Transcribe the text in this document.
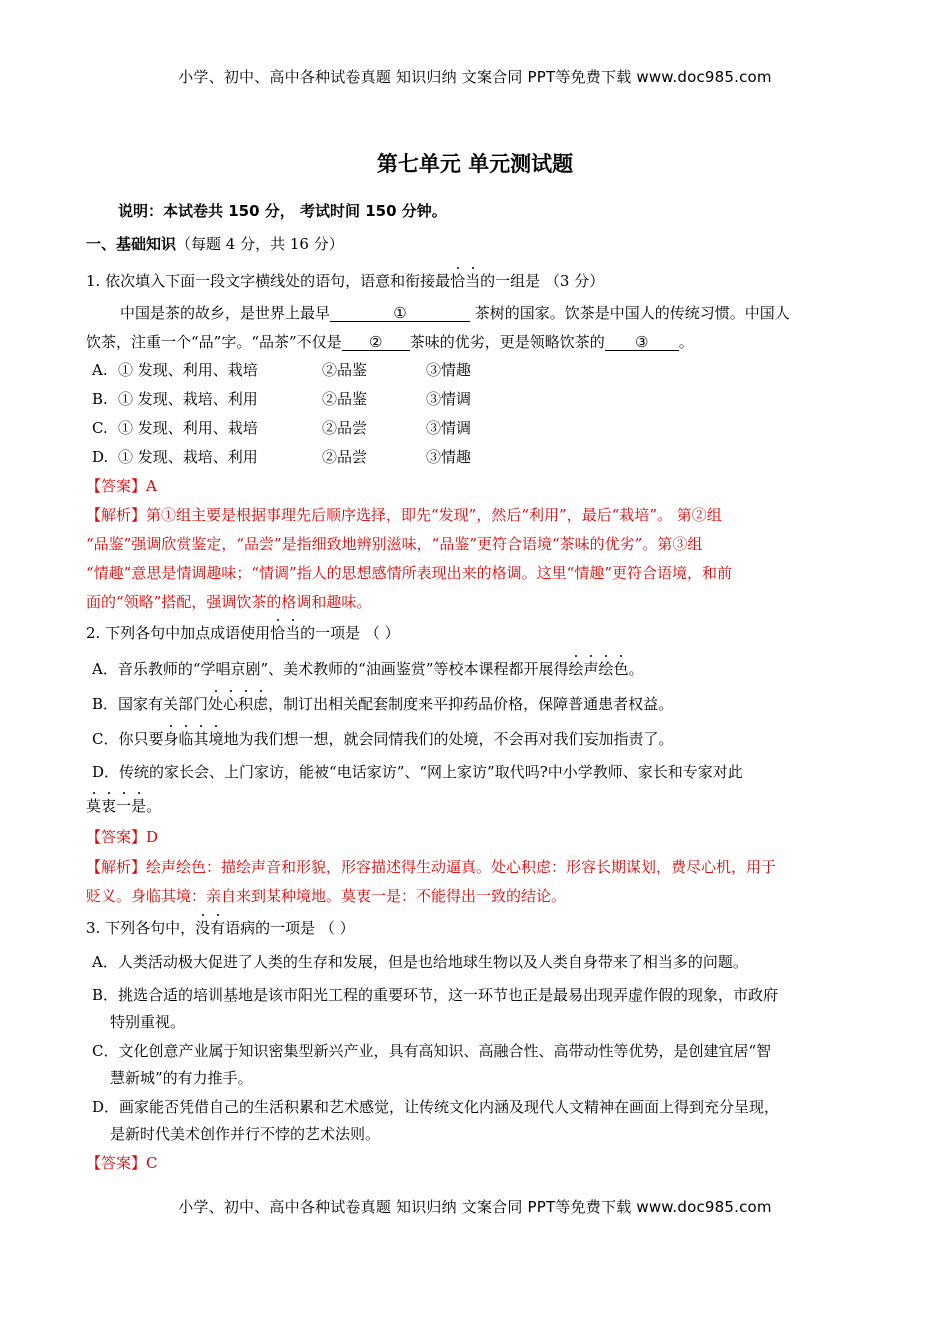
小学、初中、高中各种试卷真题 知识归纳 文案合同 PPT等免费下载 www.doc985.com
第七单元 单元测试题
说明：本试卷共 150 分， 考试时间 150 分钟。
一、基础知识（每题 4 分，共 16 分）
1. 依次填入下面一段文字横线处的语句，语意和衔接最恰当的一组是 （3 分）
中国是茶的故乡，是世界上最早	①	茶树的国家。饮茶是中国人的传统习惯。中国人
饮茶，注重一个“品”字。“品茶”不仅是 ② 茶味的优劣，更是领略饮茶的 ③ 。
A. ① 发现、利用、栽培	②品鉴	③情趣
B. ① 发现、栽培、利用	②品鉴	③情调
C. ① 发现、利用、栽培	②品尝	③情调
D. ① 发现、栽培、利用	②品尝	③情趣
【答案】A
【解析】第①组主要是根据事理先后顺序选择，即先“发现”，然后“利用”，最后“栽培”。 第②组
“品鉴”强调欣赏鉴定，“品尝”是指细致地辨别滋味，“品鉴”更符合语境“茶味的优劣”。第③组
“情趣”意思是情调趣味；“情调”指人的思想感情所表现出来的格调。这里“情趣”更符合语境，和前
面的“领略”搭配，强调饮茶的格调和趣味。
2. 下列各句中加点成语使用恰当的一项是 （ ）
A．音乐教师的“学唱京剧”、美术教师的“油画鉴赏”等校本课程都开展得绘声绘色。
B．国家有关部门处心积虑，制订出相关配套制度来平抑药品价格，保障普通患者权益。
C．你只要身临其境地为我们想一想，就会同情我们的处境，不会再对我们妄加指责了。
D．传统的家长会、上门家访，能被“电话家访”、“网上家访”取代吗?中小学教师、家长和专家对此
莫衷一是。
【答案】D
【解析】绘声绘色：描绘声音和形貌，形容描述得生动逼真。处心积虑：形容长期谋划，费尽心机，用于
贬义。身临其境：亲自来到某种境地。莫衷一是：不能得出一致的结论。
3. 下列各句中，没有语病的一项是 （ ）
A．人类活动极大促进了人类的生存和发展，但是也给地球生物以及人类自身带来了相当多的问题。
B．挑选合适的培训基地是该市阳光工程的重要环节，这一环节也正是最易出现弄虚作假的现象，市政府
特别重视。
C．文化创意产业属于知识密集型新兴产业，具有高知识、高融合性、高带动性等优势，是创建宜居“智
慧新城”的有力推手。
D．画家能否凭借自己的生活积累和艺术感觉，让传统文化内涵及现代人文精神在画面上得到充分呈现，
是新时代美术创作并行不悖的艺术法则。
【答案】C
小学、初中、高中各种试卷真题 知识归纳 文案合同 PPT等免费下载 www.doc985.com
